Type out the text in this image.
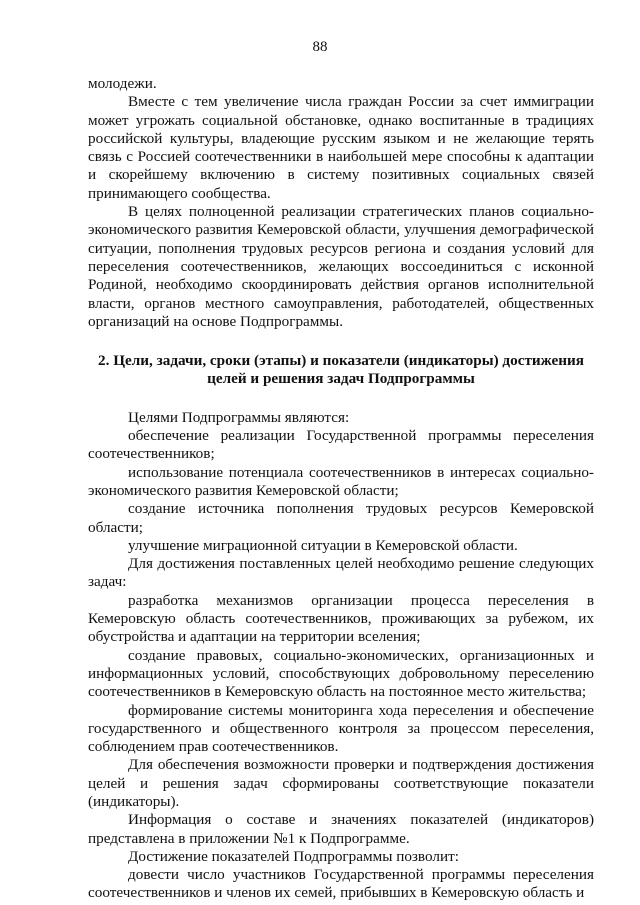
88

молодежи.

Вместе с тем увеличение числа граждан России за счет иммиграции может угрожать социальной обстановке, однако воспитанные в традициях российской культуры, владеющие русским языком и не желающие терять связь с Россией соотечественники в наибольшей мере способны к адаптации и скорейшему включению в систему позитивных социальных связей принимающего сообщества.

В целях полноценной реализации стратегических планов социально-экономического развития Кемеровской области, улучшения демографической ситуации, пополнения трудовых ресурсов региона и создания условий для переселения соотечественников, желающих воссоединиться с исконной Родиной, необходимо скоординировать действия органов исполнительной власти, органов местного самоуправления, работодателей, общественных организаций на основе Подпрограммы.

2. Цели, задачи, сроки (этапы) и показатели (индикаторы) достижения целей и решения задач Подпрограммы

Целями Подпрограммы являются:

обеспечение реализации Государственной программы переселения соотечественников;

использование потенциала соотечественников в интересах социально-экономического развития Кемеровской области;

создание источника пополнения трудовых ресурсов Кемеровской области;

улучшение миграционной ситуации в Кемеровской области.

Для достижения поставленных целей необходимо решение следующих задач:

разработка механизмов организации процесса переселения в Кемеровскую область соотечественников, проживающих за рубежом, их обустройства и адаптации на территории вселения;

создание правовых, социально-экономических, организационных и информационных условий, способствующих добровольному переселению соотечественников в Кемеровскую область на постоянное место жительства;

формирование системы мониторинга хода переселения и обеспечение государственного и общественного контроля за процессом переселения, соблюдением прав соотечественников.

Для обеспечения возможности проверки и подтверждения достижения целей и решения задач сформированы соответствующие показатели (индикаторы).

Информация о составе и значениях показателей (индикаторов) представлена в приложении №1 к Подпрограмме.

Достижение показателей Подпрограммы позволит:

довести число участников Государственной программы переселения соотечественников и членов их семей, прибывших в Кемеровскую область и
